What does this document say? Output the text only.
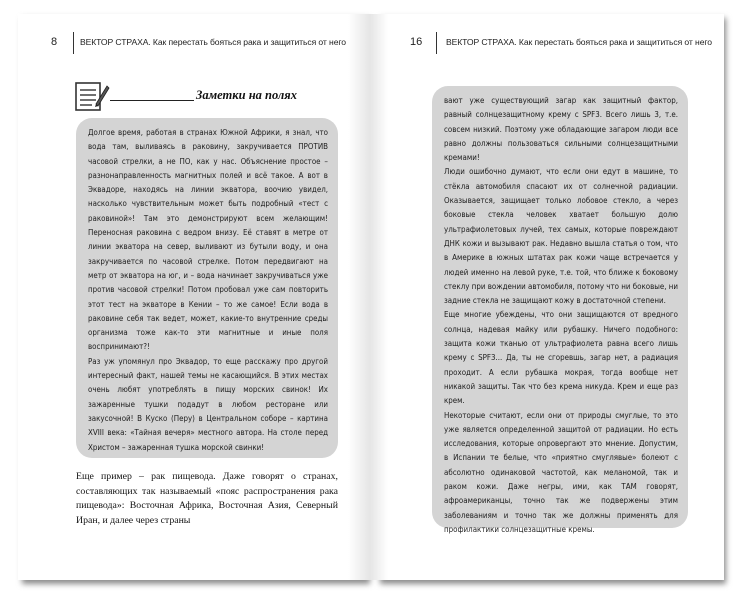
8	ВЕКТОР СТРАХА. Как перестать бояться рака и защититься от него
Заметки на полях

Долгое время, работая в странах Южной Африки, я знал, что вода там, выливаясь в раковину, закручивается ПРОТИВ часовой стрелки, а не ПО, как у нас. Объяснение простое – разнонаправленность магнитных полей и всё такое. А вот в Эквадоре, находясь на линии экватора, воочию увидел, насколько чувствительным может быть подробный «тест с раковиной»! Там это демонстрируют всем желающим! Переносная раковина с ведром внизу. Её ставят в метре от линии экватора на север, выливают из бутыли воду, и она закручивается по часовой стрелке. Потом передвигают на метр от экватора на юг, и – вода начинает закручиваться уже против часовой стрелки! Потом пробовал уже сам повторить этот тест на экваторе в Кении – то же самое! Если вода в раковине себя так ведет, может, какие-то внутренние среды организма тоже как-то эти магнитные и иные поля воспринимают?!

Раз уж упомянул про Эквадор, то еще расскажу про другой интересный факт, нашей темы не касающийся. В этих местах очень любят употреблять в пищу морских свинок! Их зажаренные тушки подадут в любом ресторане или закусочной! В Куско (Перу) в Центральном соборе – картина XVIII века: «Тайная вечеря» местного автора. На столе перед Христом – зажаренная тушка морской свинки!

Еще пример – рак пищевода. Даже говорят о странах, составляющих так называемый «пояс распространения рака пищевода»: Восточная Африка, Восточная Азия, Северный Иран, и далее через страны
16	ВЕКТОР СТРАХА. Как перестать бояться рака и защититься от него

вают уже существующий загар как защитный фактор, равный солнцезащитному крему с SPF3. Всего лишь 3, т.е. совсем низкий. Поэтому уже обладающие загаром люди все равно должны пользоваться сильными солнцезащитными кремами!

Люди ошибочно думают, что если они едут в машине, то стёкла автомобиля спасают их от солнечной радиации. Оказывается, защищает только лобовое стекло, а через боковые стекла человек хватает большую долю ультрафиолетовых лучей, тех самых, которые повреждают ДНК кожи и вызывают рак. Недавно вышла статья о том, что в Америке в южных штатах рак кожи чаще встречается у людей именно на левой руке, т.е. той, что ближе к боковому стеклу при вождении автомобиля, потому что ни боковые, ни задние стекла не защищают кожу в достаточной степени.

Еще многие убеждены, что они защищаются от вредного солнца, надевая майку или рубашку. Ничего подобного: защита кожи тканью от ультрафиолета равна всего лишь крему с SPF3... Да, ты не сгоревшь, загар нет, а радиация проходит. А если рубашка мокрая, тогда вообще нет никакой защиты. Так что без крема никуда. Крем и еще раз крем.

Некоторые считают, если они от природы смуглые, то это уже является определенной защитой от радиации. Но есть исследования, которые опровергают это мнение. Допустим, в Испании те белые, что «приятно смуглявые» болеют с абсолютно одинаковой частотой, как меланомой, так и раком кожи. Даже негры, ими, как ТАМ говорят, афроамериканцы, точно так же подвержены этим заболеваниям и точно так же должны применять для профилактики солнцезащитные кремы.
